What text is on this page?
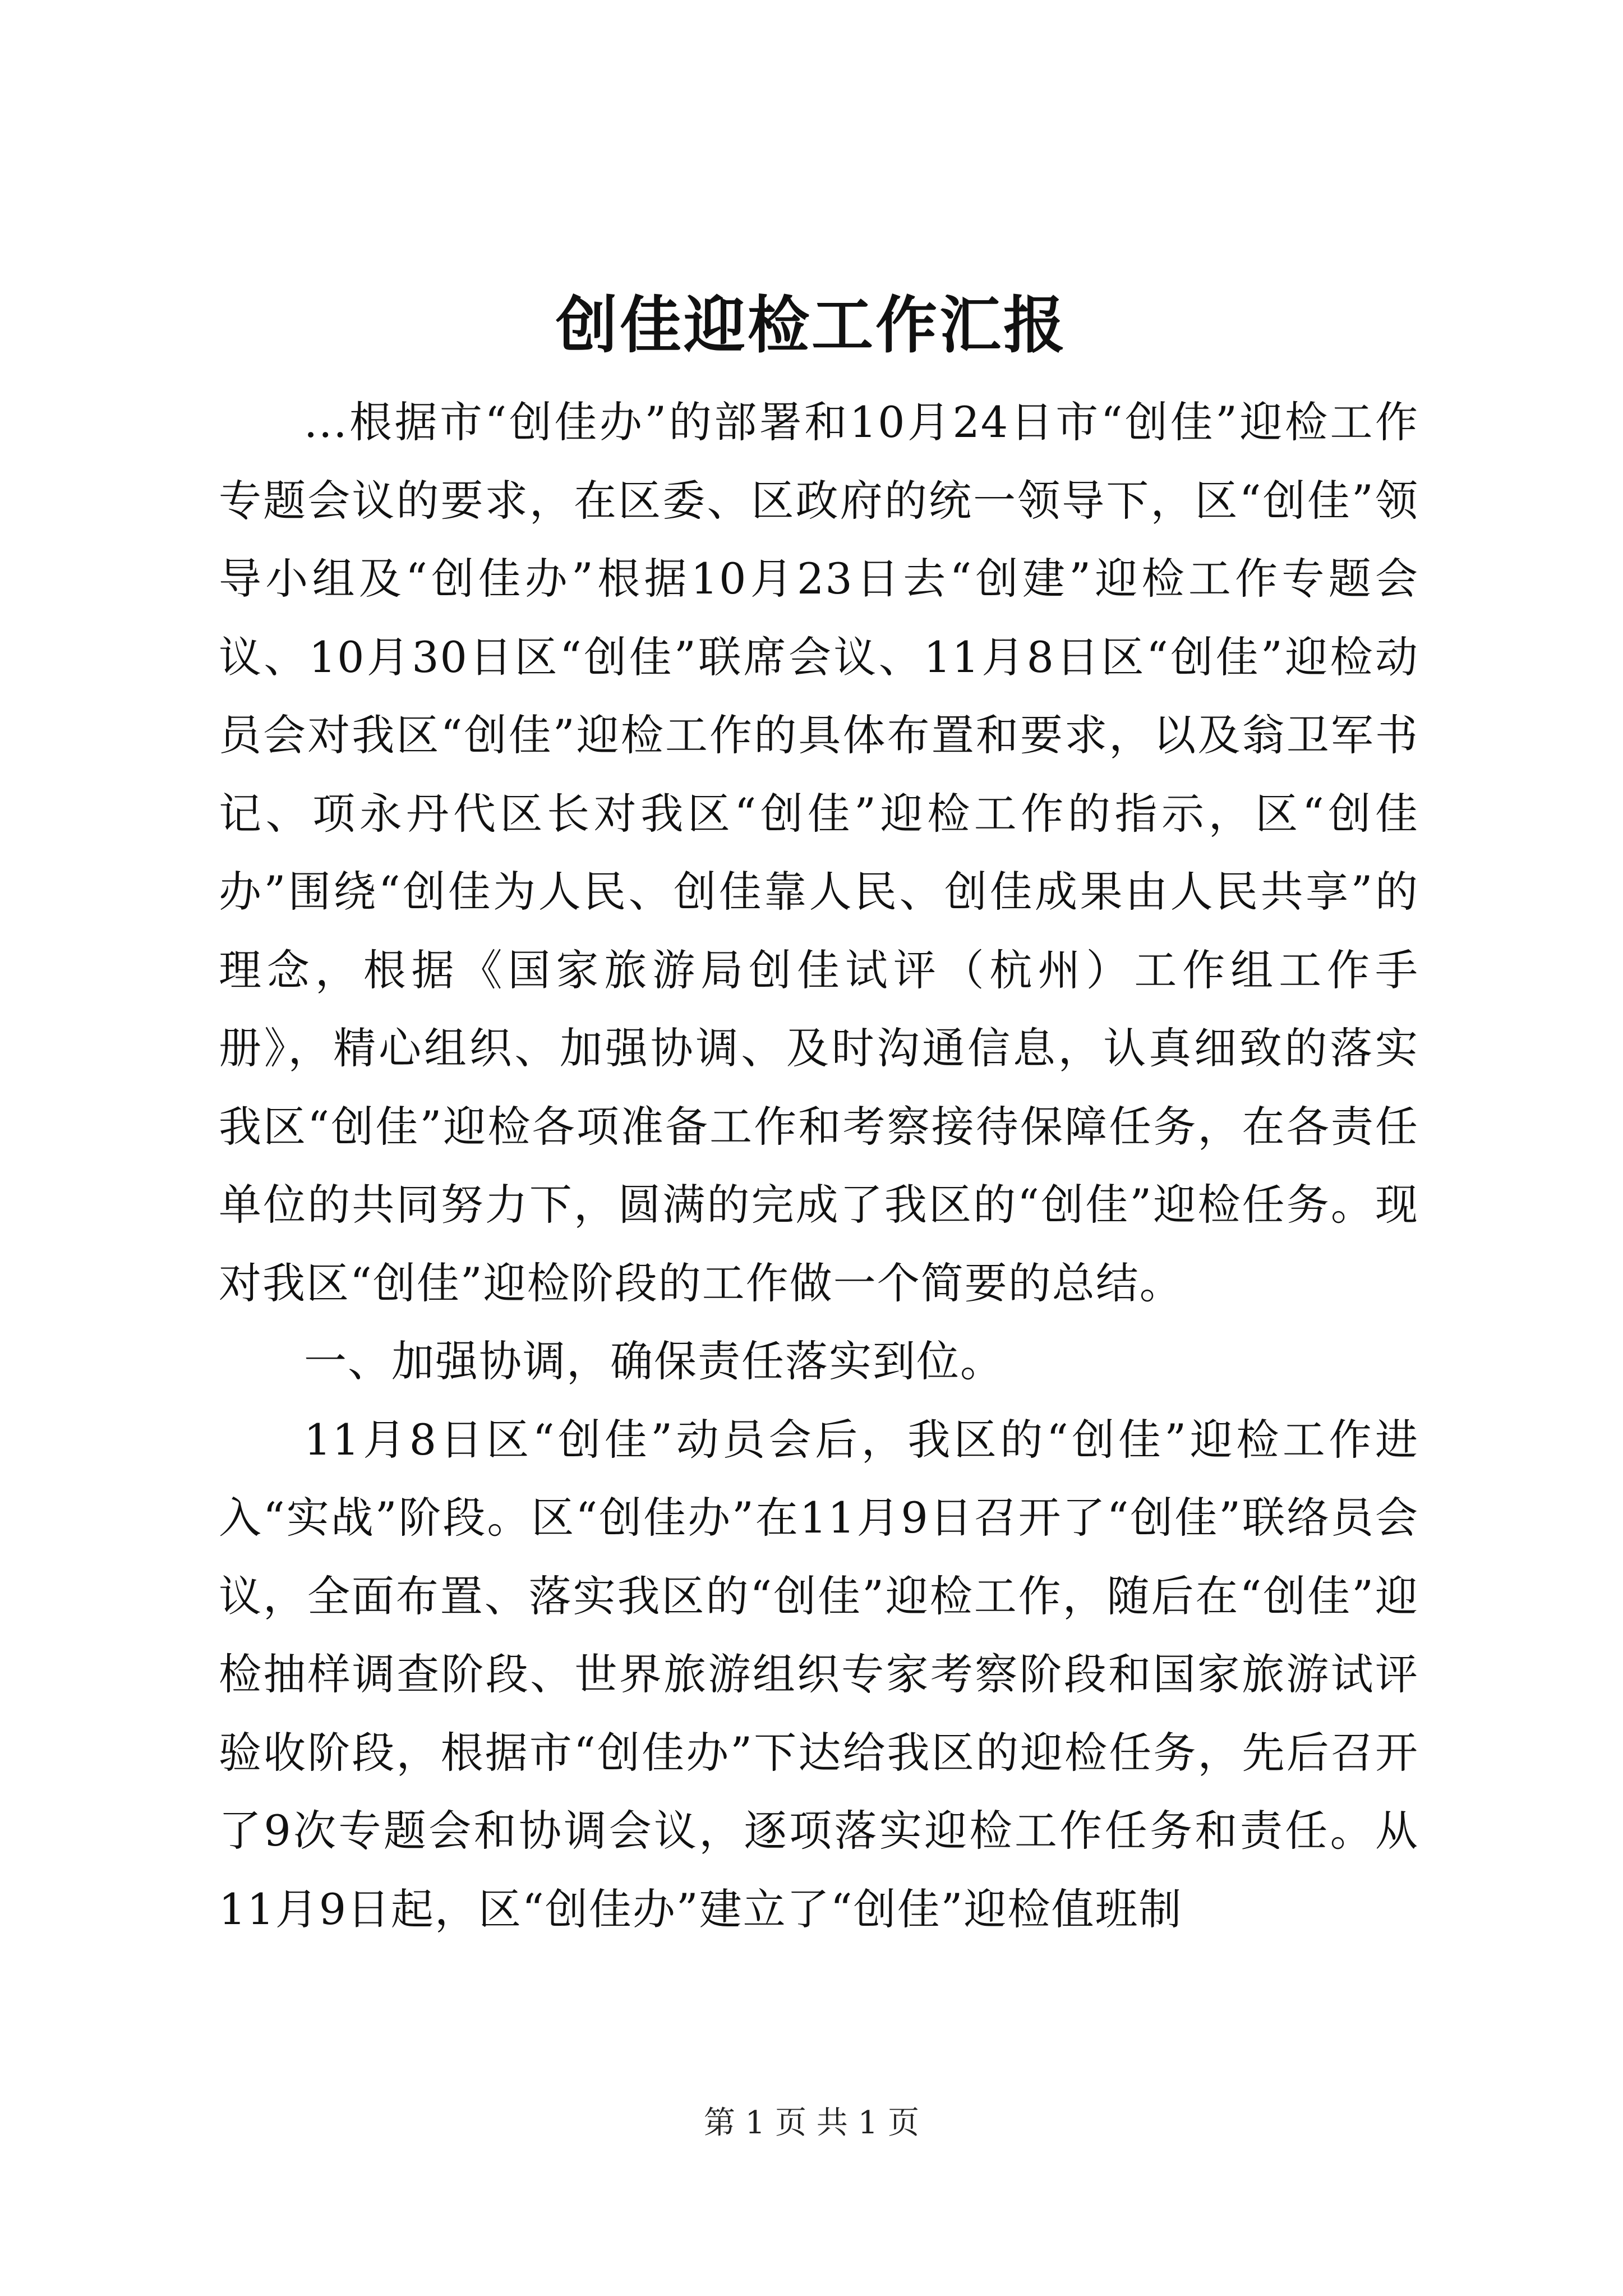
创佳迎检工作汇报

...根据市“创佳办”的部署和10月24日市“创佳”迎检工作专题会议的要求，在区委、区政府的统一领导下，区“创佳”领导小组及“创佳办”根据10月23日去“创建”迎检工作专题会议、10月30日区“创佳”联席会议、11月8日区“创佳”迎检动员会对我区“创佳”迎检工作的具体布置和要求，以及翁卫军书记、项永丹代区长对我区“创佳”迎检工作的指示，区“创佳办”围绕“创佳为人民、创佳靠人民、创佳成果由人民共享”的理念，根据《国家旅游局创佳试评（杭州）工作组工作手册》，精心组织、加强协调、及时沟通信息，认真细致的落实我区“创佳”迎检各项准备工作和考察接待保障任务，在各责任单位的共同努力下，圆满的完成了我区的“创佳”迎检任务。现对我区“创佳”迎检阶段的工作做一个简要的总结。

一、加强协调，确保责任落实到位。

11月8日区“创佳”动员会后，我区的“创佳”迎检工作进入“实战”阶段。区“创佳办”在11月9日召开了“创佳”联络员会议，全面布置、落实我区的“创佳”迎检工作，随后在“创佳”迎检抽样调查阶段、世界旅游组织专家考察阶段和国家旅游试评验收阶段，根据市“创佳办”下达给我区的迎检任务，先后召开了9次专题会和协调会议，逐项落实迎检工作任务和责任。从11月9日起，区“创佳办”建立了“创佳”迎检值班制

第 1 页 共 1 页
